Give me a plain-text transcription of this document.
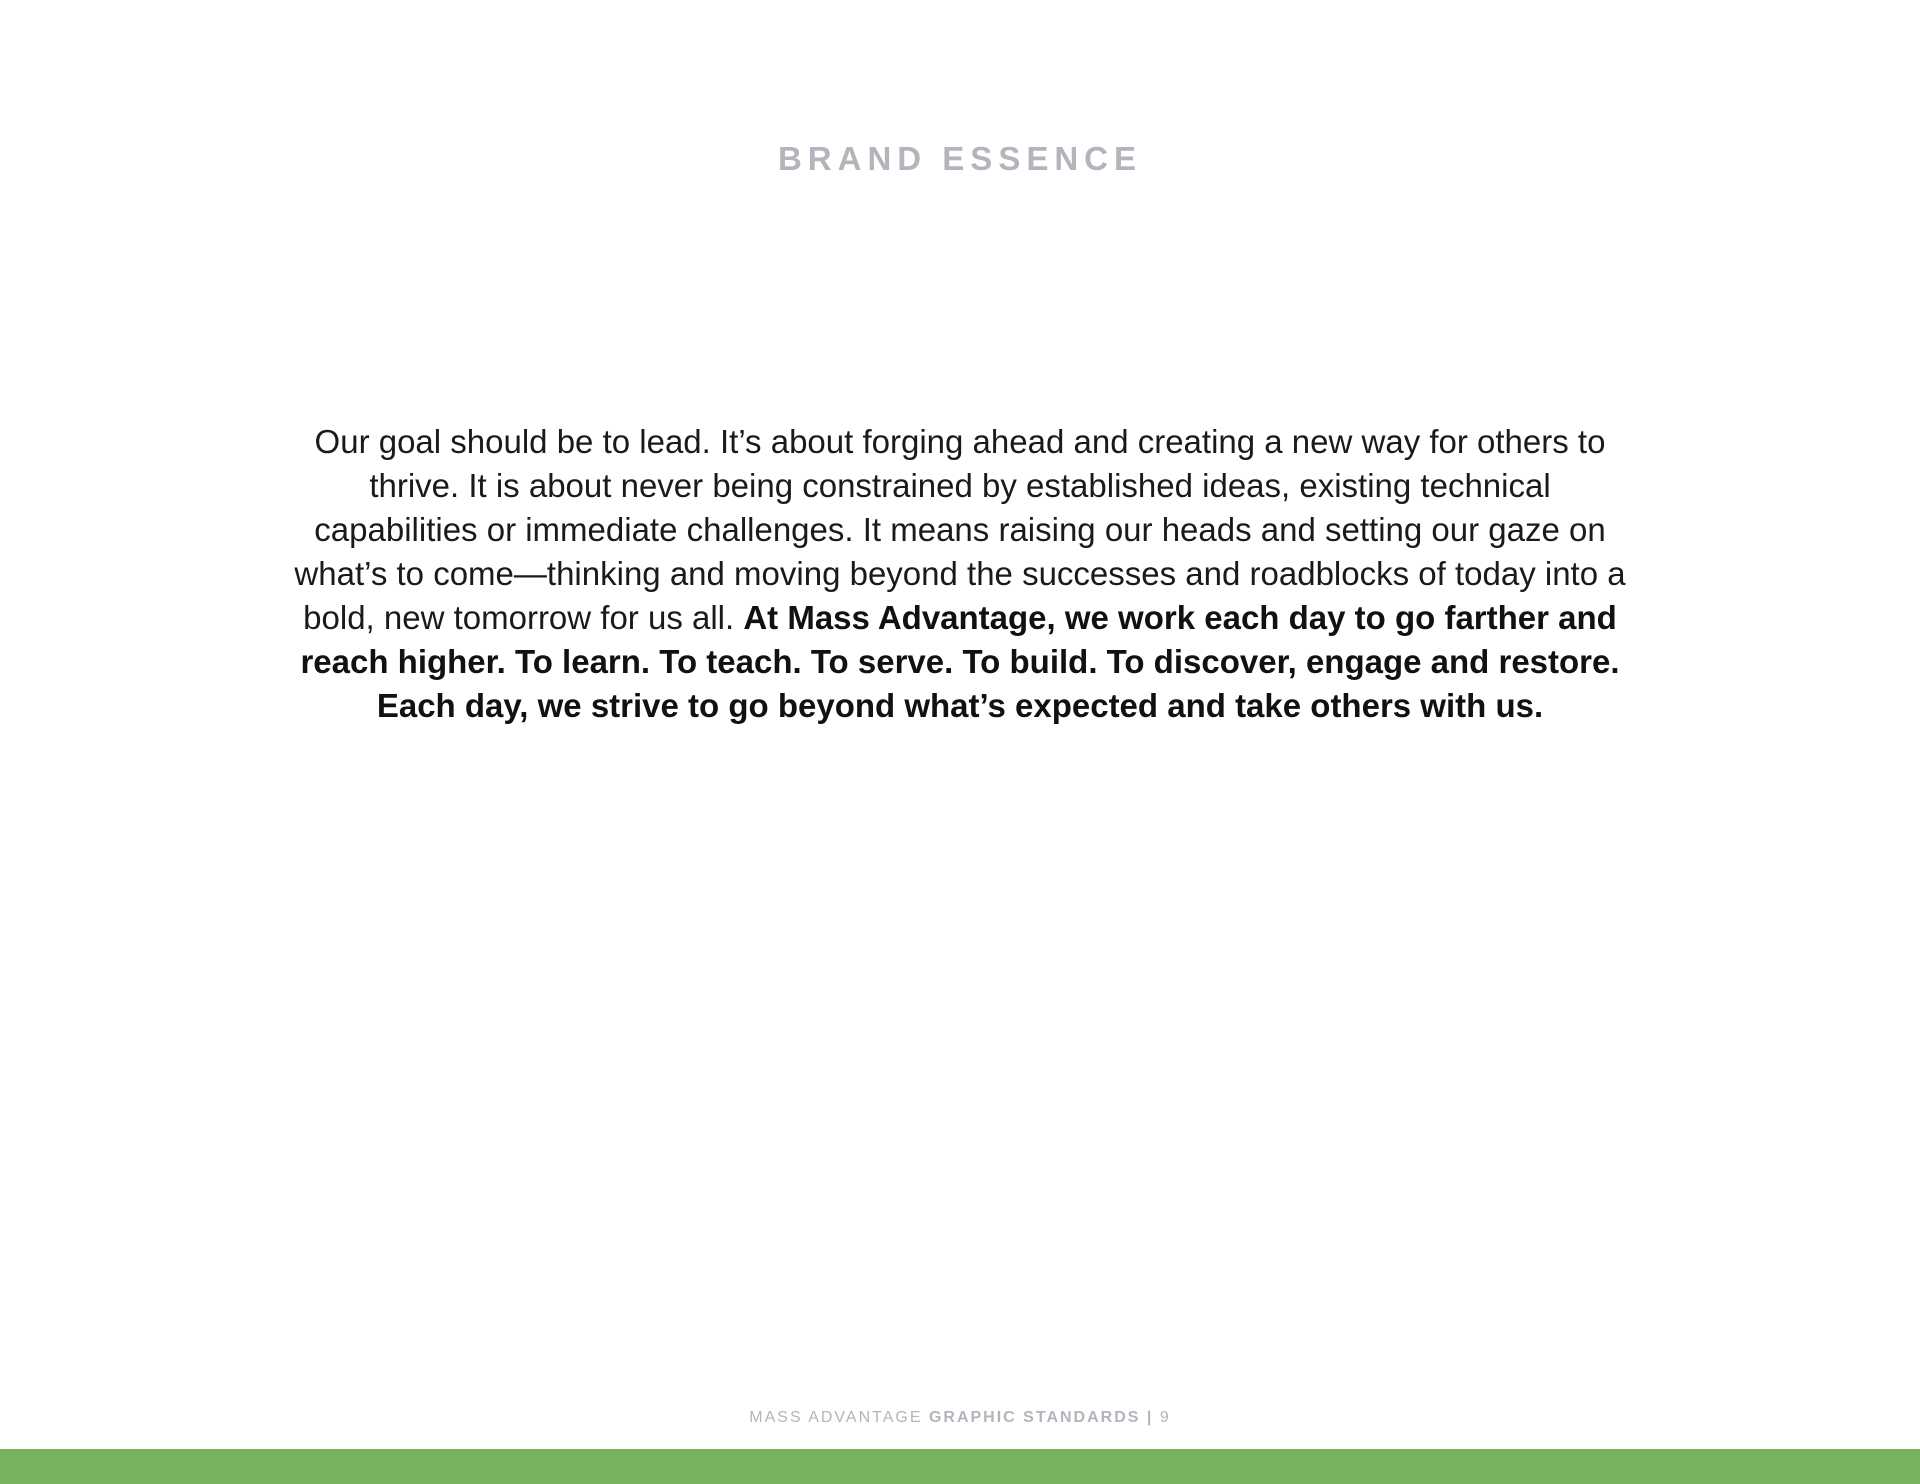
BRAND ESSENCE
Our goal should be to lead. It’s about forging ahead and creating a new way for others to thrive. It is about never being constrained by established ideas, existing technical capabilities or immediate challenges. It means raising our heads and setting our gaze on what’s to come—thinking and moving beyond the successes and roadblocks of today into a bold, new tomorrow for us all. At Mass Advantage, we work each day to go farther and reach higher. To learn. To teach. To serve. To build. To discover, engage and restore. Each day, we strive to go beyond what’s expected and take others with us.
MASS ADVANTAGE GRAPHIC STANDARDS | 9
